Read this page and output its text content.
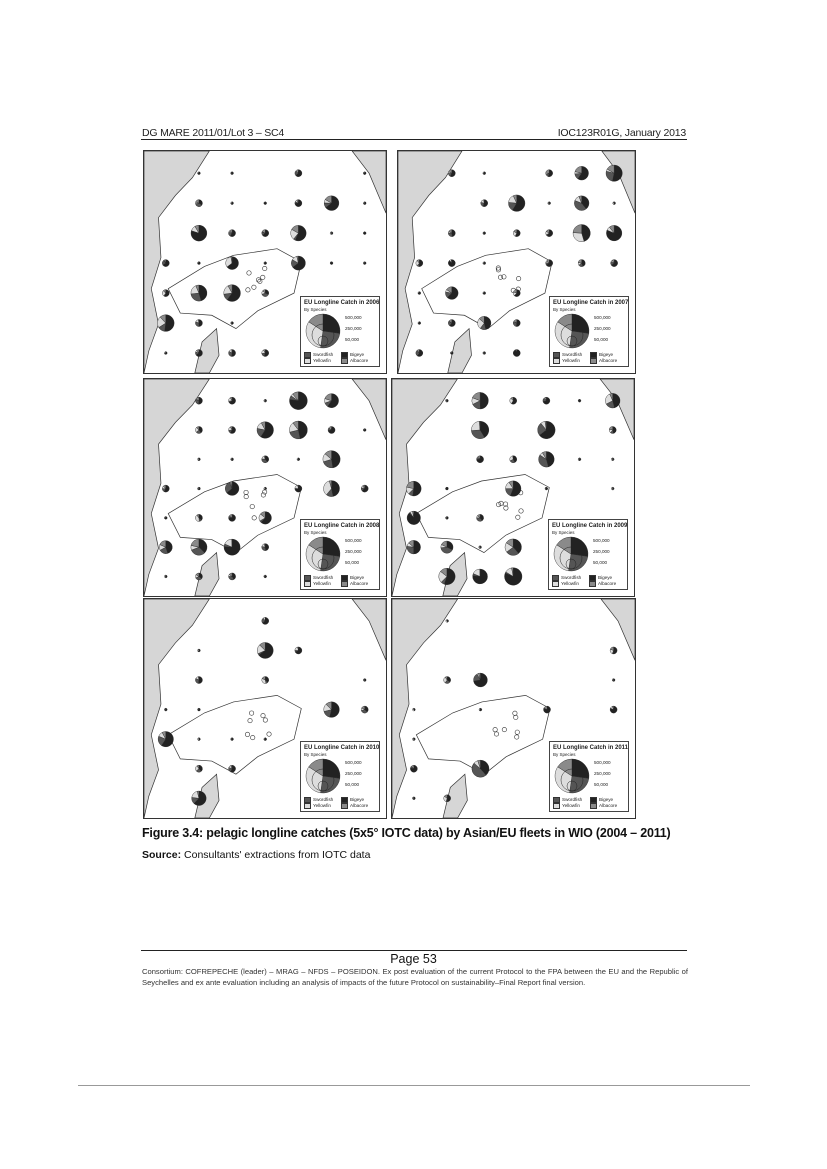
DG MARE 2011/01/Lot 3 – SC4	IOC123R01G, January 2013
EU Longline Catch in 2006
By Species
500,000
250,000
50,000
Swordfish	Bigeye
Yellowfin	Albacore
EU Longline Catch in 2007
By Species
500,000
250,000
50,000
Swordfish	Bigeye
Yellowfin	Albacore
EU Longline Catch in 2008
By Species
500,000
250,000
50,000
Swordfish	Bigeye
Yellowfin	Albacore
EU Longline Catch in 2009
By Species
500,000
250,000
50,000
Swordfish	Bigeye
Yellowfin	Albacore
EU Longline Catch in 2010
By Species
500,000
250,000
50,000
Swordfish	Bigeye
Yellowfin	Albacore
EU Longline Catch in 2011
By Species
500,000
250,000
50,000
Swordfish	Bigeye
Yellowfin	Albacore
Figure 3.4: pelagic longline catches (5x5° IOTC data) by Asian/EU fleets in WIO (2004 – 2011)
Source: Consultants' extractions from IOTC data
Page 53
Consortium: COFREPECHE (leader) – MRAG – NFDS – POSEIDON. Ex post evaluation of the current Protocol to the FPA between the EU and the Republic of Seychelles and ex ante evaluation including an analysis of impacts of the future Protocol on sustainability–Final Report final version.
